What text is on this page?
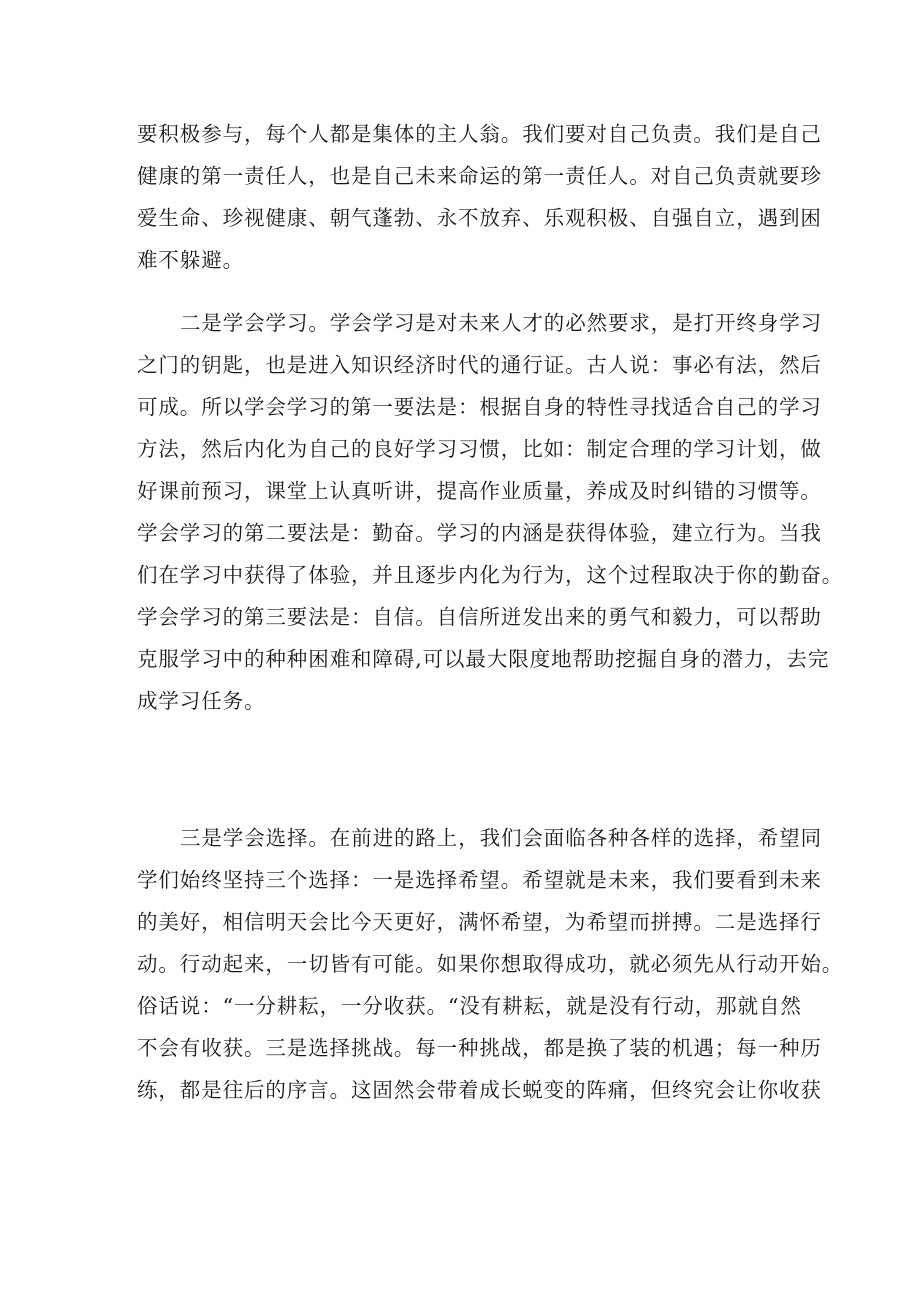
要积极参与，每个人都是集体的主人翁。我们要对自己负责。我们是自己
健康的第一责任人，也是自己未来命运的第一责任人。对自己负责就要珍
爱生命、珍视健康、朝气蓬勃、永不放弃、乐观积极、自强自立，遇到困
难不躲避。
二是学会学习。学会学习是对未来人才的必然要求，是打开终身学习
之门的钥匙，也是进入知识经济时代的通行证。古人说：事必有法，然后
可成。所以学会学习的第一要法是：根据自身的特性寻找适合自己的学习
方法，然后内化为自己的良好学习习惯，比如：制定合理的学习计划，做
好课前预习，课堂上认真听讲，提高作业质量，养成及时纠错的习惯等。
学会学习的第二要法是：勤奋。学习的内涵是获得体验，建立行为。当我
们在学习中获得了体验，并且逐步内化为行为，这个过程取决于你的勤奋。
学会学习的第三要法是：自信。自信所迸发出来的勇气和毅力，可以帮助
克服学习中的种种困难和障碍,可以最大限度地帮助挖掘自身的潜力，去完
成学习任务。
三是学会选择。在前进的路上，我们会面临各种各样的选择，希望同
学们始终坚持三个选择：一是选择希望。希望就是未来，我们要看到未来
的美好，相信明天会比今天更好，满怀希望，为希望而拼搏。二是选择行
动。行动起来，一切皆有可能。如果你想取得成功，就必须先从行动开始。
俗话说：“一分耕耘，一分收获。“没有耕耘，就是没有行动，那就自然
不会有收获。三是选择挑战。每一种挑战，都是换了装的机遇；每一种历
练，都是往后的序言。这固然会带着成长蜕变的阵痛，但终究会让你收获
